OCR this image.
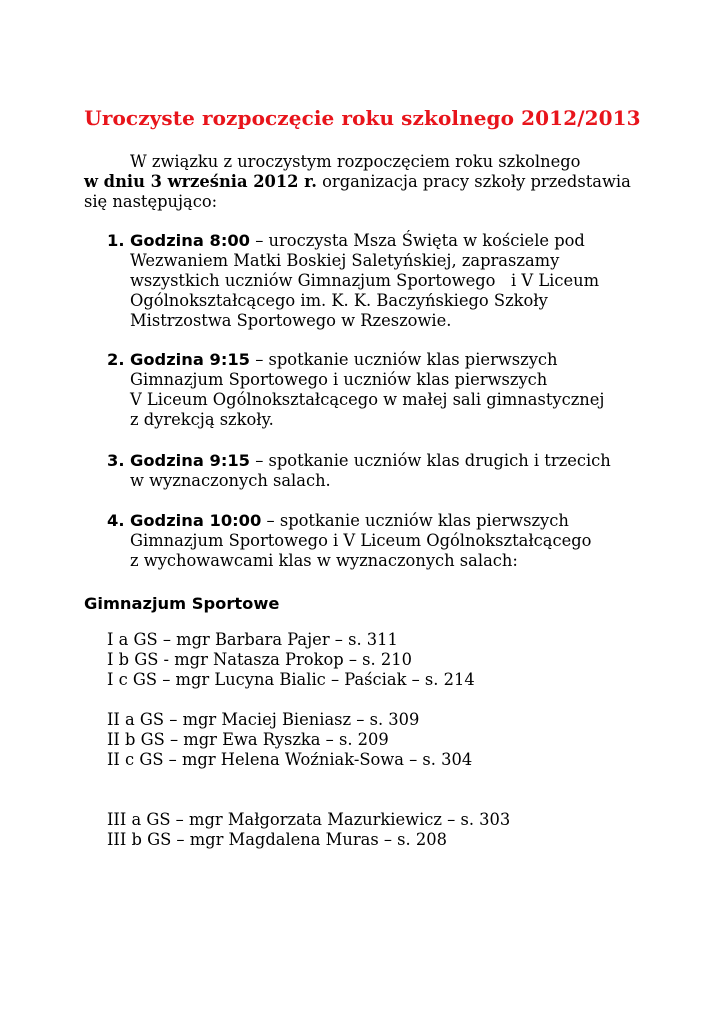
Uroczyste rozpoczęcie roku szkolnego 2012/2013
W związku z uroczystym rozpoczęciem roku szkolnego
w dniu 3 września 2012 r. organizacja pracy szkoły przedstawia
się następująco:
1. Godzina 8:00 – uroczysta Msza Święta w kościele pod
Wezwaniem Matki Boskiej Saletyńskiej, zapraszamy
wszystkich uczniów Gimnazjum Sportowego   i V Liceum
Ogólnokształcącego im. K. K. Baczyńskiego Szkoły
Mistrzostwa Sportowego w Rzeszowie.
2. Godzina 9:15 – spotkanie uczniów klas pierwszych
Gimnazjum Sportowego i uczniów klas pierwszych
V Liceum Ogólnokształcącego w małej sali gimnastycznej
z dyrekcją szkoły.
3. Godzina 9:15 – spotkanie uczniów klas drugich i trzecich
w wyznaczonych salach.
4. Godzina 10:00 – spotkanie uczniów klas pierwszych
Gimnazjum Sportowego i V Liceum Ogólnokształcącego
z wychowawcami klas w wyznaczonych salach:
Gimnazjum Sportowe
I a GS – mgr Barbara Pajer – s. 311
I b GS - mgr Natasza Prokop – s. 210
I c GS – mgr Lucyna Bialic – Paściak – s. 214
II a GS – mgr Maciej Bieniasz – s. 309
II b GS – mgr Ewa Ryszka – s. 209
II c GS – mgr Helena Woźniak-Sowa – s. 304
III a GS – mgr Małgorzata Mazurkiewicz – s. 303
III b GS – mgr Magdalena Muras – s. 208
